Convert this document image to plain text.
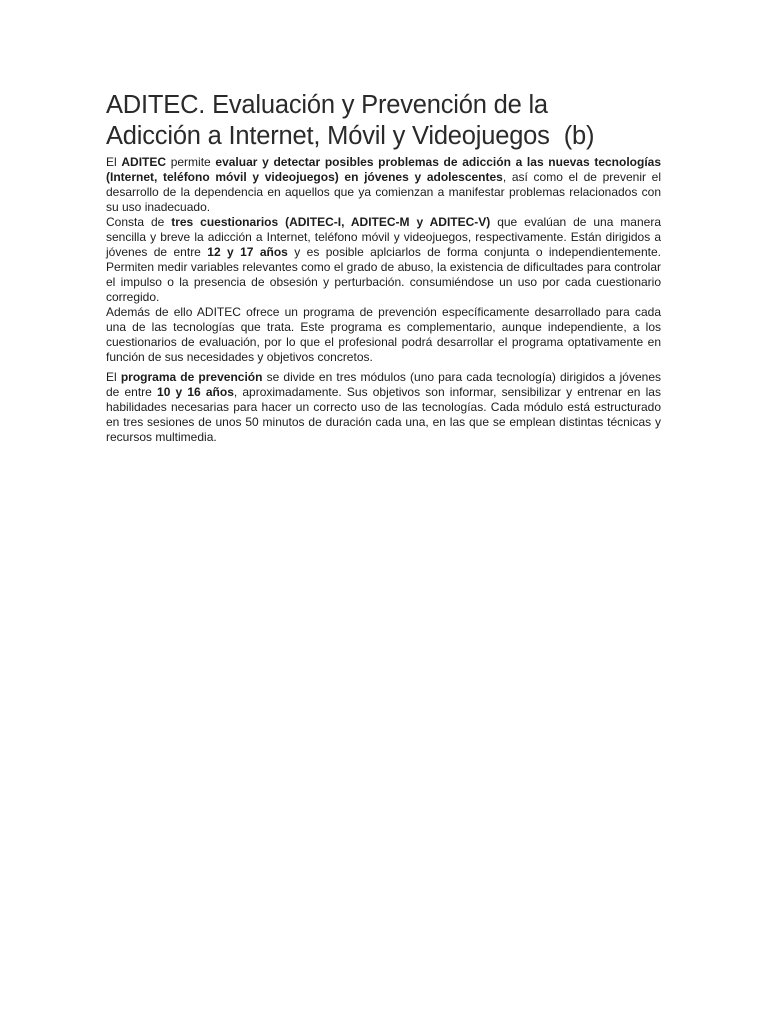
ADITEC. Evaluación y Prevención de la
Adicción a Internet, Móvil y Videojuegos (b)

El ADITEC permite evaluar y detectar posibles problemas de adicción a las nuevas tecnologías (Internet, teléfono móvil y videojuegos) en jóvenes y adolescentes, así como el de prevenir el desarrollo de la dependencia en aquellos que ya comienzan a manifestar problemas relacionados con su uso inadecuado.

Consta de tres cuestionarios (ADITEC-I, ADITEC-M y ADITEC-V) que evalúan de una manera sencilla y breve la adicción a Internet, teléfono móvil y videojuegos, respectivamente. Están dirigidos a jóvenes de entre 12 y 17 años y es posible aplciarlos de forma conjunta o independientemente. Permiten medir variables relevantes como el grado de abuso, la existencia de dificultades para controlar el impulso o la presencia de obsesión y perturbación. consumiéndose un uso por cada cuestionario corregido.

Además de ello ADITEC ofrece un programa de prevención específicamente desarrollado para cada una de las tecnologías que trata. Este programa es complementario, aunque independiente, a los cuestionarios de evaluación, por lo que el profesional podrá desarrollar el programa optativamente en función de sus necesidades y objetivos concretos.

El programa de prevención se divide en tres módulos (uno para cada tecnología) dirigidos a jóvenes de entre 10 y 16 años, aproximadamente. Sus objetivos son informar, sensibilizar y entrenar en las habilidades necesarias para hacer un correcto uso de las tecnologías. Cada módulo está estructurado en tres sesiones de unos 50 minutos de duración cada una, en las que se emplean distintas técnicas y recursos multimedia.
